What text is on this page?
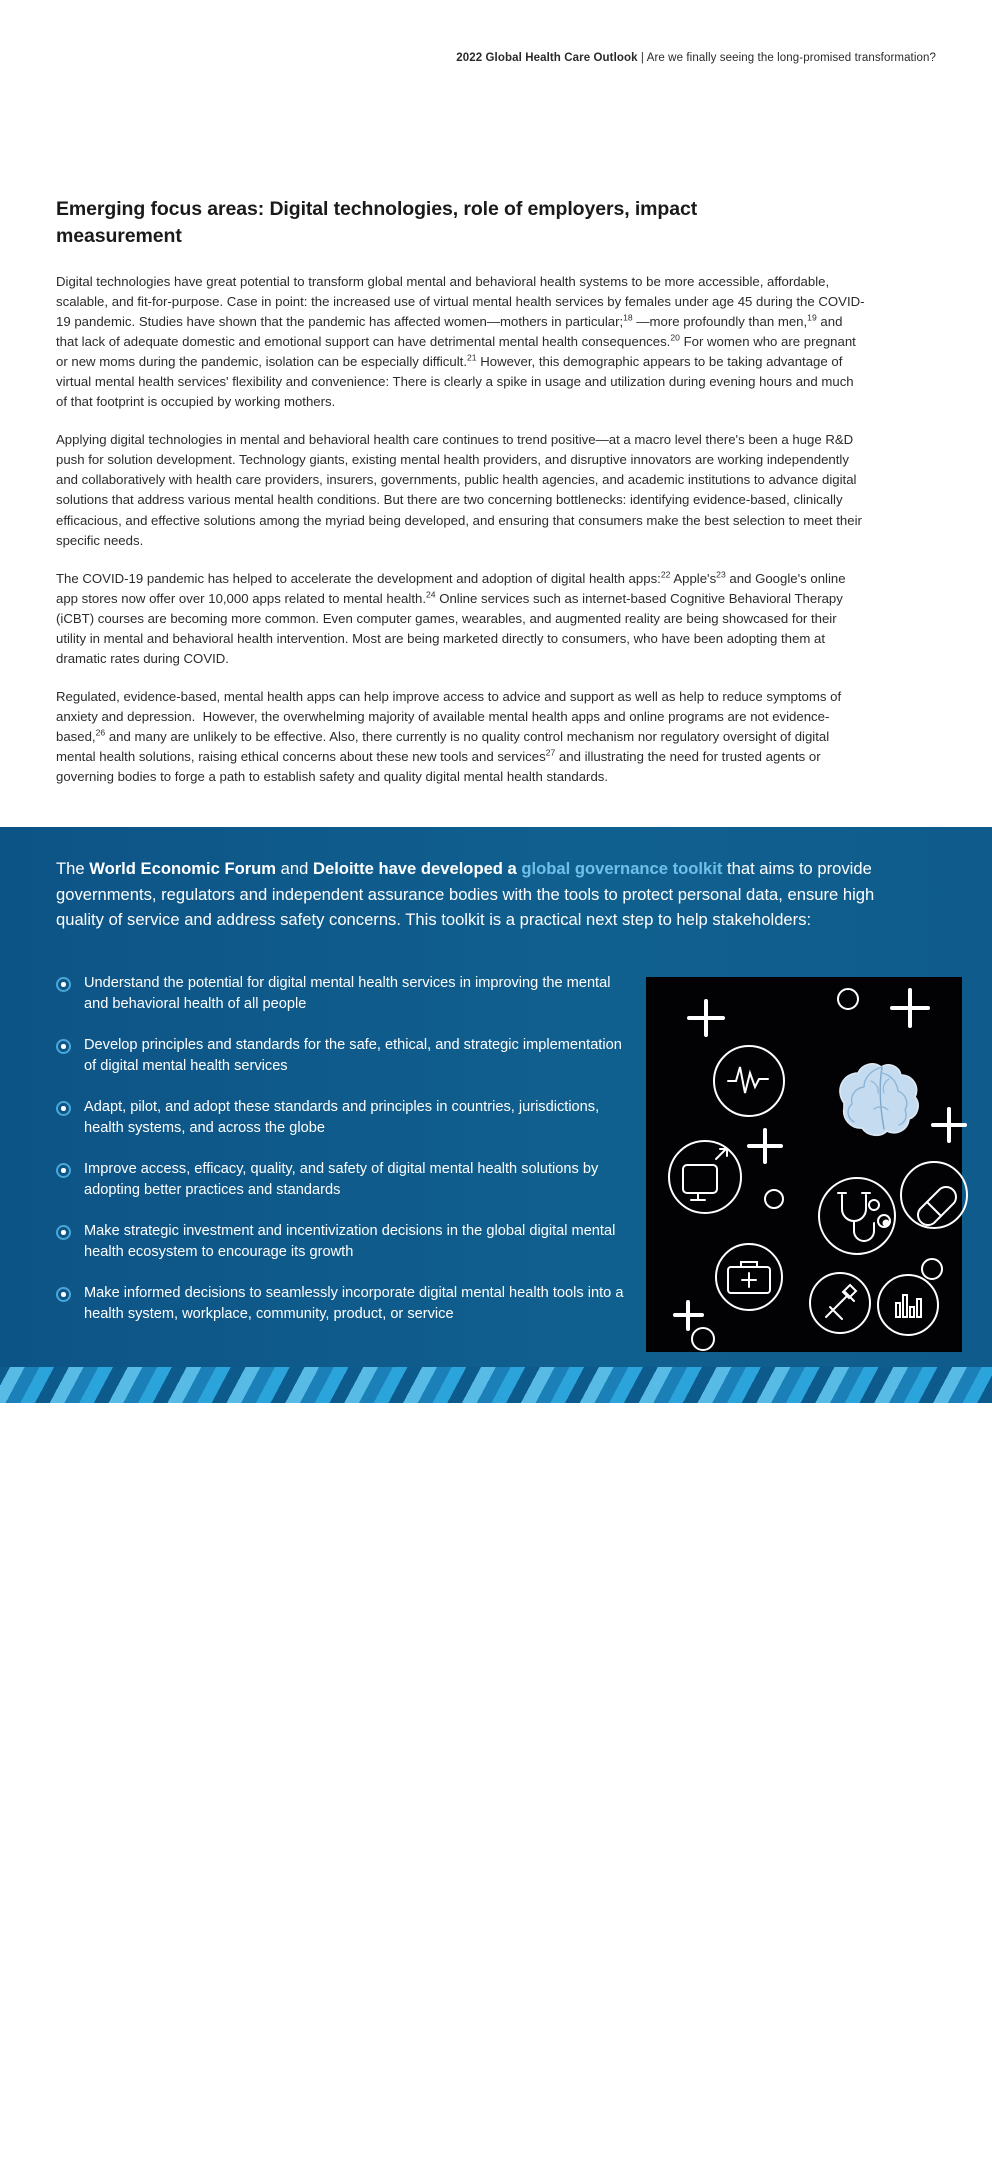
2022 Global Health Care Outlook | Are we finally seeing the long-promised transformation?
Emerging focus areas: Digital technologies, role of employers, impact measurement

Digital technologies have great potential to transform global mental and behavioral health systems to be more accessible, affordable, scalable, and fit-for-purpose. Case in point: the increased use of virtual mental health services by females under age 45 during the COVID-19 pandemic. Studies have shown that the pandemic has affected women—mothers in particular;$^{18}$ —more profoundly than men,$^{19}$ and that lack of adequate domestic and emotional support can have detrimental mental health consequences.$^{20}$ For women who are pregnant or new moms during the pandemic, isolation can be especially difficult.$^{21}$ However, this demographic appears to be taking advantage of virtual mental health services' flexibility and convenience: There is clearly a spike in usage and utilization during evening hours and much of that footprint is occupied by working mothers.

Applying digital technologies in mental and behavioral health care continues to trend positive—at a macro level there's been a huge R&D push for solution development. Technology giants, existing mental health providers, and disruptive innovators are working independently and collaboratively with health care providers, insurers, governments, public health agencies, and academic institutions to advance digital solutions that address various mental health conditions. But there are two concerning bottlenecks: identifying evidence-based, clinically efficacious, and effective solutions among the myriad being developed, and ensuring that consumers make the best selection to meet their specific needs.

The COVID-19 pandemic has helped to accelerate the development and adoption of digital health apps:$^{22}$ $Apple's^{23}$ and Google's online app stores now offer over 10,000 apps related to mental health.$^{24}$ Online services such as internet-based Cognitive Behavioral Therapy (iCBT) courses are becoming more common. Even computer games, wearables, and augmented reality are being showcased for their utility in mental and behavioral health intervention. Most are being marketed directly to consumers, who have been adopting them at dramatic rates during COVID.

Regulated, evidence-based, mental health apps can help improve access to advice and support as well as help to reduce symptoms of anxiety and depression.  However, the overwhelming majority of available mental health apps and online programs are not evidence-based,$^{26}$ and many are unlikely to be effective. Also, there currently is no quality control mechanism nor regulatory oversight of digital mental health solutions, raising ethical concerns about these new tools and services$^{27}$ and illustrating the need for trusted agents or governing bodies to forge a path to establish safety and quality digital mental health standards.

The World Economic Forum and Deloitte have developed a global governance toolkit that aims to provide governments, regulators and independent assurance bodies with the tools to protect personal data, ensure high quality of service and address safety concerns. This toolkit is a practical next step to help stakeholders:
Understand the potential for digital mental health services in improving the mental and behavioral health of all people
Develop principles and standards for the safe, ethical, and strategic implementation of digital mental health services
Adapt, pilot, and adopt these standards and principles in countries, jurisdictions, health systems, and across the globe
Improve access, efficacy, quality, and safety of digital mental health solutions by adopting better practices and standards
Make strategic investment and incentivization decisions in the global digital mental health ecosystem to encourage its growth
Make informed decisions to seamlessly incorporate digital mental health tools into a health system, workplace, community, product, or service
23
